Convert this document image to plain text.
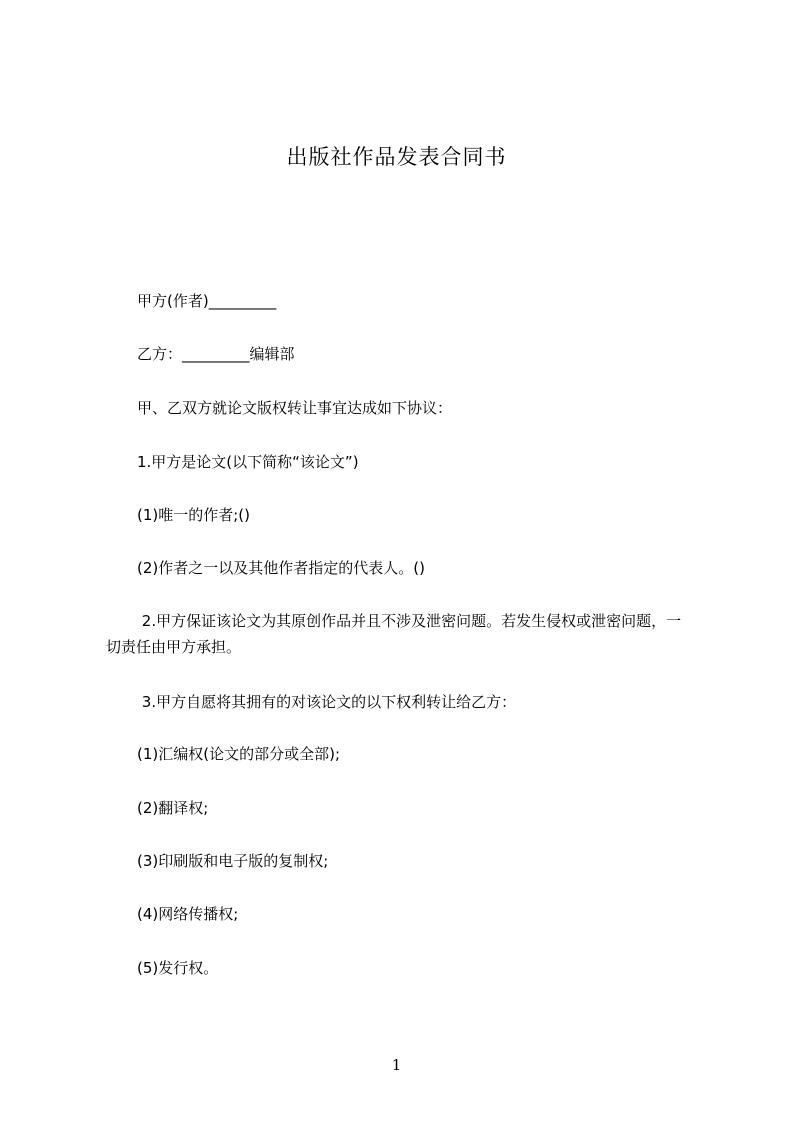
出版社作品发表合同书
甲方(作者)_________
乙方：_________编辑部
甲、乙双方就论文版权转让事宜达成如下协议：
1.甲方是论文(以下简称“该论文”)
(1)唯一的作者;()
(2)作者之一以及其他作者指定的代表人。()
2.甲方保证该论文为其原创作品并且不涉及泄密问题。若发生侵权或泄密问题，一切责任由甲方承担。
3.甲方自愿将其拥有的对该论文的以下权利转让给乙方：
(1)汇编权(论文的部分或全部);
(2)翻译权;
(3)印刷版和电子版的复制权;
(4)网络传播权;
(5)发行权。
1
